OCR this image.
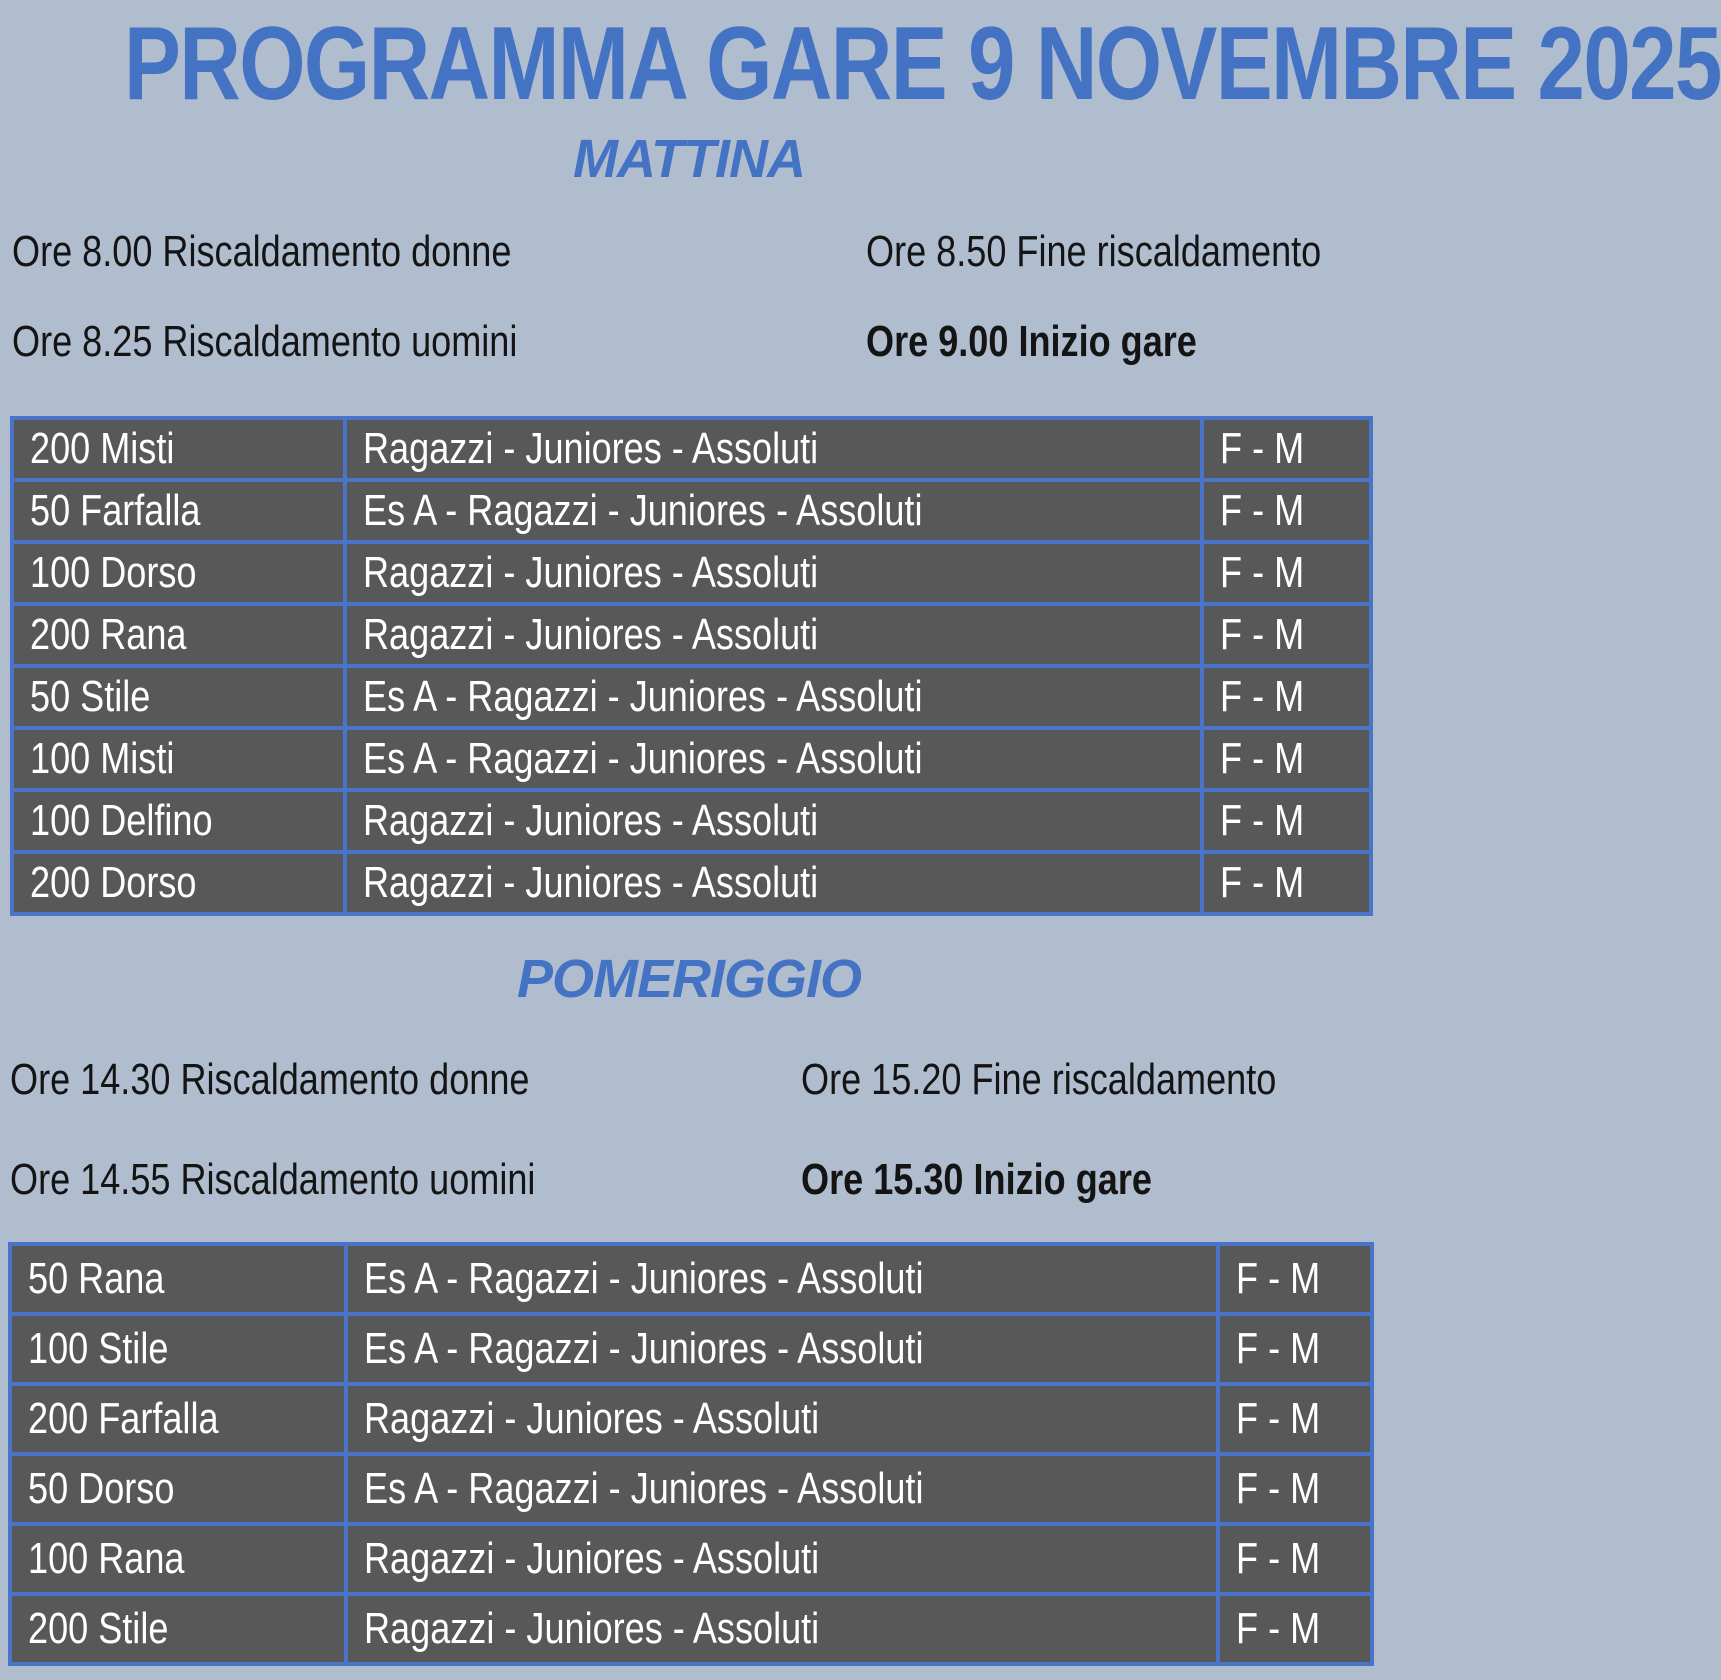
PROGRAMMA GARE 9 NOVEMBRE 2025
MATTINA
Ore 8.00 Riscaldamento donne	Ore 8.50 Fine riscaldamento
Ore 8.25 Riscaldamento uomini	Ore 9.00 Inizio gare
200 Misti	Ragazzi - Juniores - Assoluti	F - M
50 Farfalla	Es A - Ragazzi - Juniores - Assoluti	F - M
100 Dorso	Ragazzi - Juniores - Assoluti	F - M
200 Rana	Ragazzi - Juniores - Assoluti	F - M
50 Stile	Es A - Ragazzi - Juniores - Assoluti	F - M
100 Misti	Es A - Ragazzi - Juniores - Assoluti	F - M
100 Delfino	Ragazzi - Juniores - Assoluti	F - M
200 Dorso	Ragazzi - Juniores - Assoluti	F - M
POMERIGGIO
Ore 14.30 Riscaldamento donne	Ore 15.20 Fine riscaldamento
Ore 14.55 Riscaldamento uomini	Ore 15.30 Inizio gare
50 Rana	Es A - Ragazzi - Juniores - Assoluti	F - M
100 Stile	Es A - Ragazzi - Juniores - Assoluti	F - M
200 Farfalla	Ragazzi - Juniores - Assoluti	F - M
50 Dorso	Es A - Ragazzi - Juniores - Assoluti	F - M
100 Rana	Ragazzi - Juniores - Assoluti	F - M
200 Stile	Ragazzi - Juniores - Assoluti	F - M
